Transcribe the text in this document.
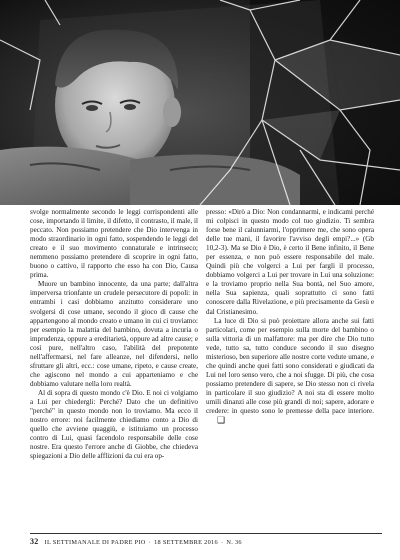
svolge normalmente secondo le leggi corrispondenti alle cose, importando il limite, il difetto, il contrasto, il male, il peccato. Non possiamo pretendere che Dio intervenga in modo straordinario in ogni fatto, sospendendo le leggi del creato e il suo movimento connaturale e intrinseco; nemmeno possiamo pretendere di scoprire in ogni fatto, buono o cattivo, il rapporto che esso ha con Dio, Causa prima.

Muore un bambino innocente, da una parte; dall'altra imperversa trionfante un crudele persecutore di popoli: in entrambi i casi dobbiamo anzitutto considerare uno svolgersi di cose umane, secondo il gioco di cause che appartengono al mondo creato e umano in cui ci troviamo: per esempio la malattia del bambino, dovuta a incuria o imprudenza, oppure a ereditarietà, oppure ad altre cause; e così pure, nell'altro caso, l'abilità del prepotente nell'affermarsi, nel fare alleanze, nel difendersi, nello sfruttare gli altri, ecc.: cose umane, ripeto, e cause create, che agiscono nel mondo a cui apparteniamo e che dobbiamo valutare nella loro realtà.

Al di sopra di questo mondo c'è Dio. E noi ci volgiamo a Lui per chiedergli: Perché? Dato che un definitivo "perché" in questo mondo non lo troviamo. Ma ecco il nostro errore: noi facilmente chiediamo conto a Dio di quello che avviene quaggiù, e istituiamo un processo contro di Lui, quasi facendolo responsabile delle cose nostre. Era questo l'errore anche di Giobbe, che chiedeva spiegazioni a Dio delle afflizioni da cui era op-

presso: «Dirò a Dio: Non condannarmi, e indicami perché mi colpisci in questo modo col tuo giudizio. Ti sembra forse bene il calunniarmi, l'opprimere me, che sono opera delle tue mani, il favorire l'avviso degli empi?...» (Gb 10,2-3). Ma se Dio è Dio, è certo il Bene infinito, il Bene per essenza, e non può essere responsabile del male. Quindi più che volgerci a Lui per fargli il processo, dobbiamo volgerci a Lui per trovare in Lui una soluzione: e la troviamo proprio nella Sua bontà, nel Suo amore, nella Sua sapienza, quali soprattutto ci sono fatti conoscere dalla Rivelazione, e più precisamente da Gesù e dal Cristianesimo.

La luce di Dio si può proiettare allora anche sui fatti particolari, come per esempio sulla morte del bambino o sulla vittoria di un malfattore: ma per dire che Dio tutto vede, tutto sa, tutto conduce secondo il suo disegno misterioso, ben superiore alle nostre corte vedute umane, e che quindi anche quei fatti sono considerati e giudicati da Lui nel loro senso vero, che a noi sfugge. Di più, che cosa possiamo pretendere di sapere, se Dio stesso non ci rivela in particolare il suo giudizio? A noi sta di essere molto umili dinanzi alle cose più grandi di noi; sapere, adorare e credere: in questo sono le premesse della pace interiore.❑

32 IL SETTIMANALE DI PADRE PIO · 18 SETTEMBRE 2016 · N. 36
